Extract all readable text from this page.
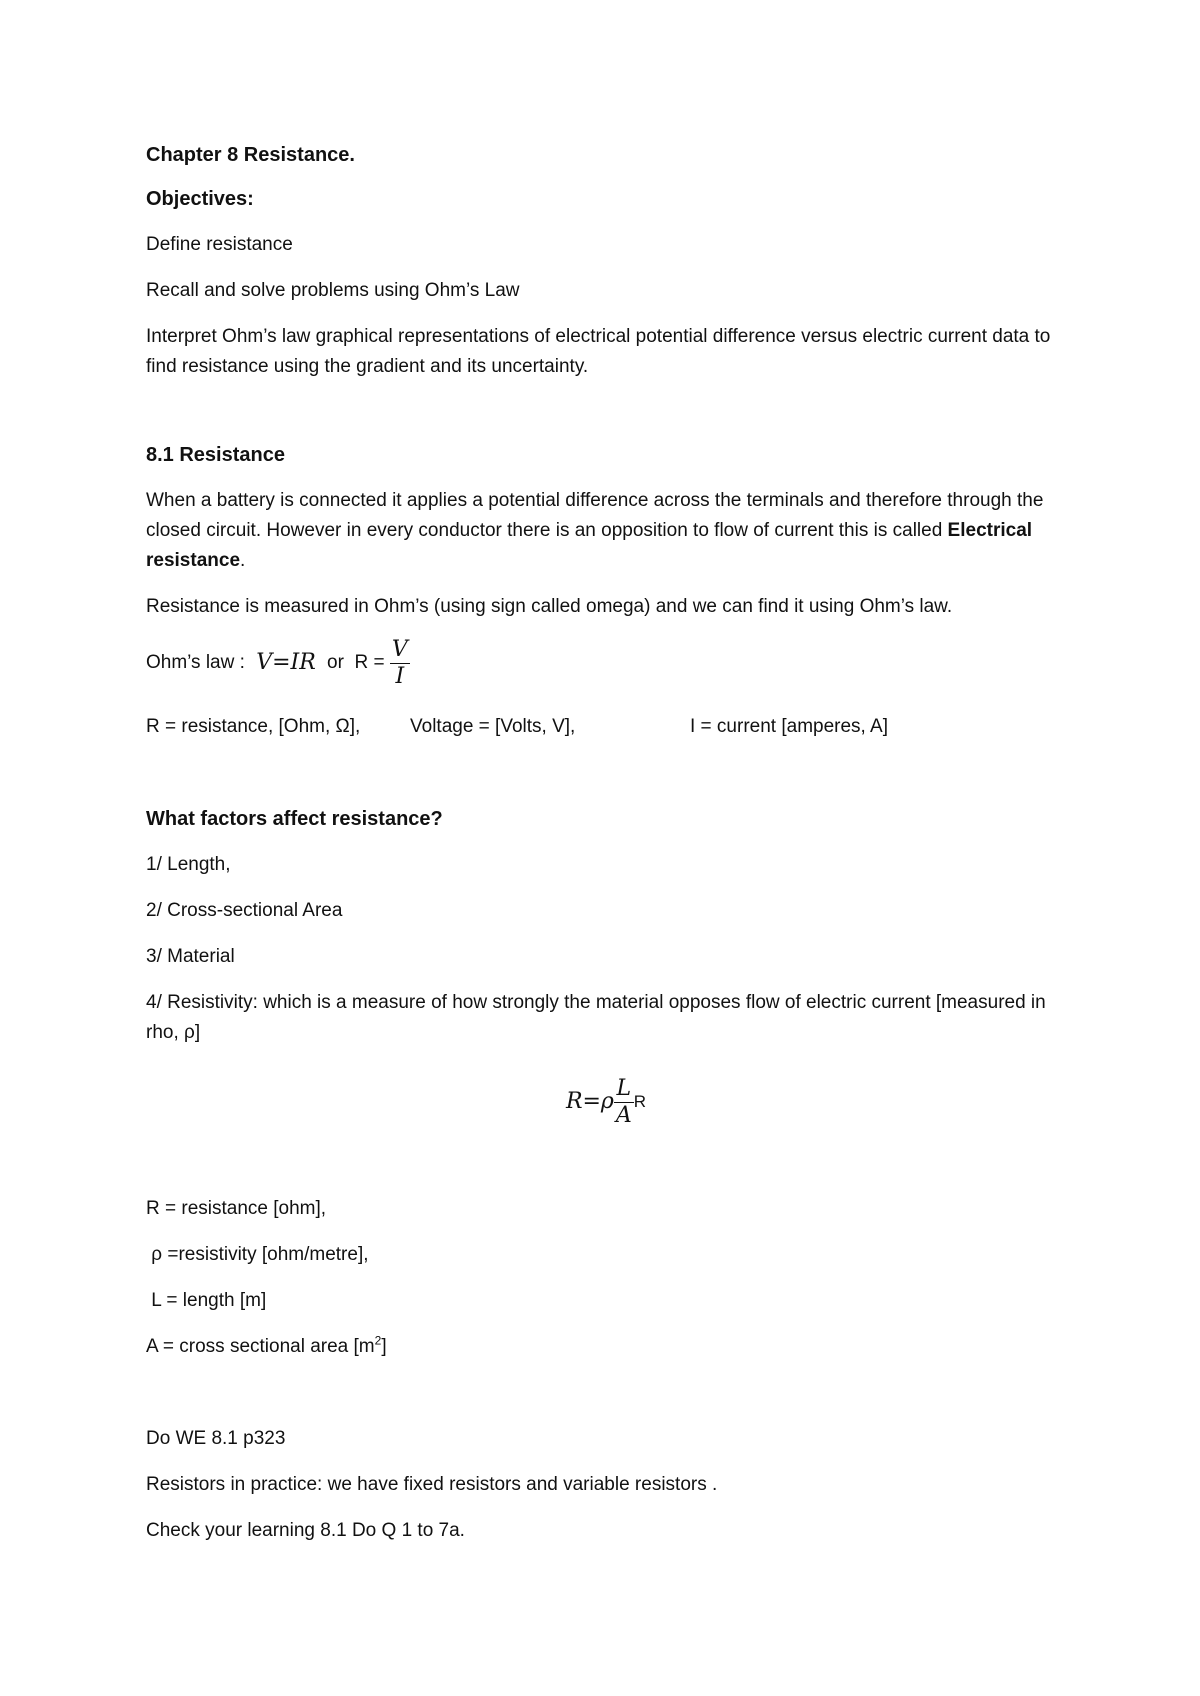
Chapter 8 Resistance.
Objectives:
Define resistance
Recall and solve problems using Ohm’s Law
Interpret Ohm’s law graphical representations of electrical potential difference versus electric current data to find resistance using the gradient and its uncertainty.
8.1 Resistance
When a battery is connected it applies a potential difference across the terminals and therefore through the closed circuit. However in every conductor there is an opposition to flow of current this is called Electrical resistance.
Resistance is measured in Ohm’s (using sign called omega) and we can find it using Ohm’s law.
Ohm’s law : V=IR or  $R = \frac{V}{I}$
R = resistance, [Ohm, Ω],	Voltage = [Volts, V],	I = current [amperes, A]
What factors affect resistance?
1/ Length,
2/ Cross-sectional Area
3/ Material
4/ Resistivity: which is a measure of how strongly the material opposes flow of electric current [measured in rho, ρ]
$R=\rho \frac{L}{A}$ R
R = resistance [ohm],
ρ =resistivity [ohm/metre],
L = length [m]
A = cross sectional area $[m^2]$
Do WE 8.1 p323
Resistors in practice: we have fixed resistors and variable resistors .
Check your learning 8.1 Do Q 1 to 7a.
